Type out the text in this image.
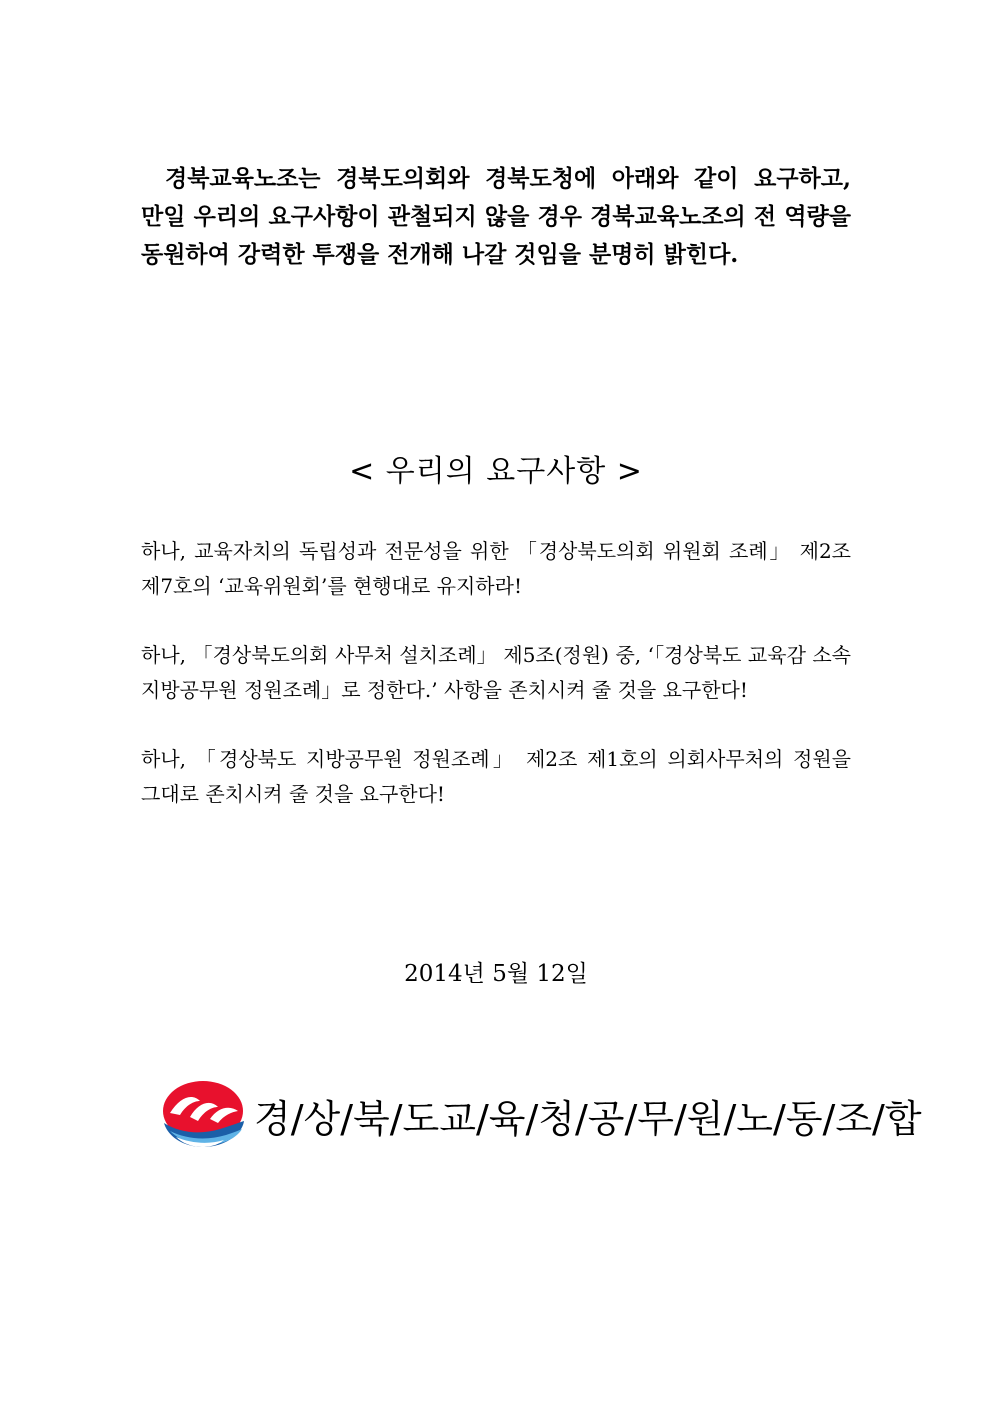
경북교육노조는 경북도의회와 경북도청에 아래와 같이 요구하고, 만일 우리의 요구사항이 관철되지 않을 경우 경북교육노조의 전 역량을 동원하여 강력한 투쟁을 전개해 나갈 것임을 분명히 밝힌다.

< 우리의 요구사항 >
하나, 교육자치의 독립성과 전문성을 위한 「경상북도의회 위원회 조례」 제2조 제7호의 ‘교육위원회’를 현행대로 유지하라!
하나, 「경상북도의회 사무처 설치조례」 제5조(정원) 중, ‘「경상북도 교육감 소속 지방공무원 정원조례」로 정한다.’ 사항을 존치시켜 줄 것을 요구한다!
하나, 「경상북도 지방공무원 정원조례」 제2조 제1호의 의회사무처의 정원을 그대로 존치시켜 줄 것을 요구한다!

2014년 5월 12일

경/상/북/도교/육/청/공/무/원/노/동/조/합
